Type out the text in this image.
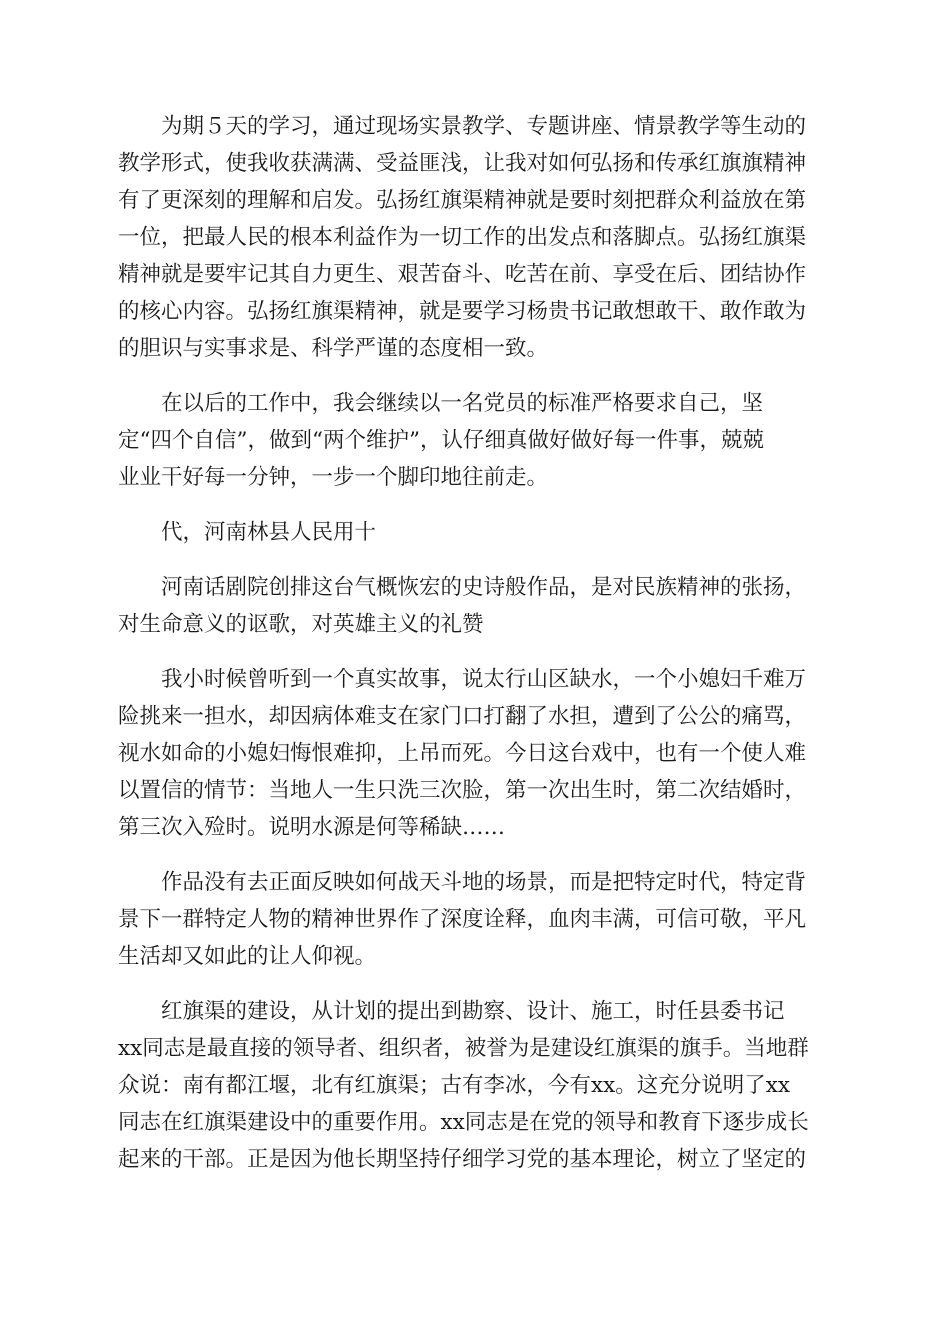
　　为期５天的学习，通过现场实景教学、专题讲座、情景教学等生动的
教学形式，使我收获满满、受益匪浅，让我对如何弘扬和传承红旗旗精神
有了更深刻的理解和启发。弘扬红旗渠精神就是要时刻把群众利益放在第
一位，把最人民的根本利益作为一切工作的出发点和落脚点。弘扬红旗渠
精神就是要牢记其自力更生、艰苦奋斗、吃苦在前、享受在后、团结协作
的核心内容。弘扬红旗渠精神，就是要学习杨贵书记敢想敢干、敢作敢为
的胆识与实事求是、科学严谨的态度相一致。

　　在以后的工作中，我会继续以一名党员的标准严格要求自己，坚
定“四个自信”，做到“两个维护”，认仔细真做好做好每一件事，兢兢
业业干好每一分钟，一步一个脚印地往前走。

　　代，河南林县人民用十

　　河南话剧院创排这台气概恢宏的史诗般作品，是对民族精神的张扬，
对生命意义的讴歌，对英雄主义的礼赞

　　我小时候曾听到一个真实故事，说太行山区缺水，一个小媳妇千难万
险挑来一担水，却因病体难支在家门口打翻了水担，遭到了公公的痛骂，
视水如命的小媳妇悔恨难抑，上吊而死。今日这台戏中，也有一个使人难
以置信的情节：当地人一生只洗三次脸，第一次出生时，第二次结婚时，
第三次入殓时。说明水源是何等稀缺……

　　作品没有去正面反映如何战天斗地的场景，而是把特定时代，特定背
景下一群特定人物的精神世界作了深度诠释，血肉丰满，可信可敬，平凡
生活却又如此的让人仰视。

　　红旗渠的建设，从计划的提出到勘察、设计、施工，时任县委书记
xx同志是最直接的领导者、组织者，被誉为是建设红旗渠的旗手。当地群
众说：南有都江堰，北有红旗渠；古有李冰，今有xx。这充分说明了xx
同志在红旗渠建设中的重要作用。xx同志是在党的领导和教育下逐步成长
起来的干部。正是因为他长期坚持仔细学习党的基本理论，树立了坚定的
